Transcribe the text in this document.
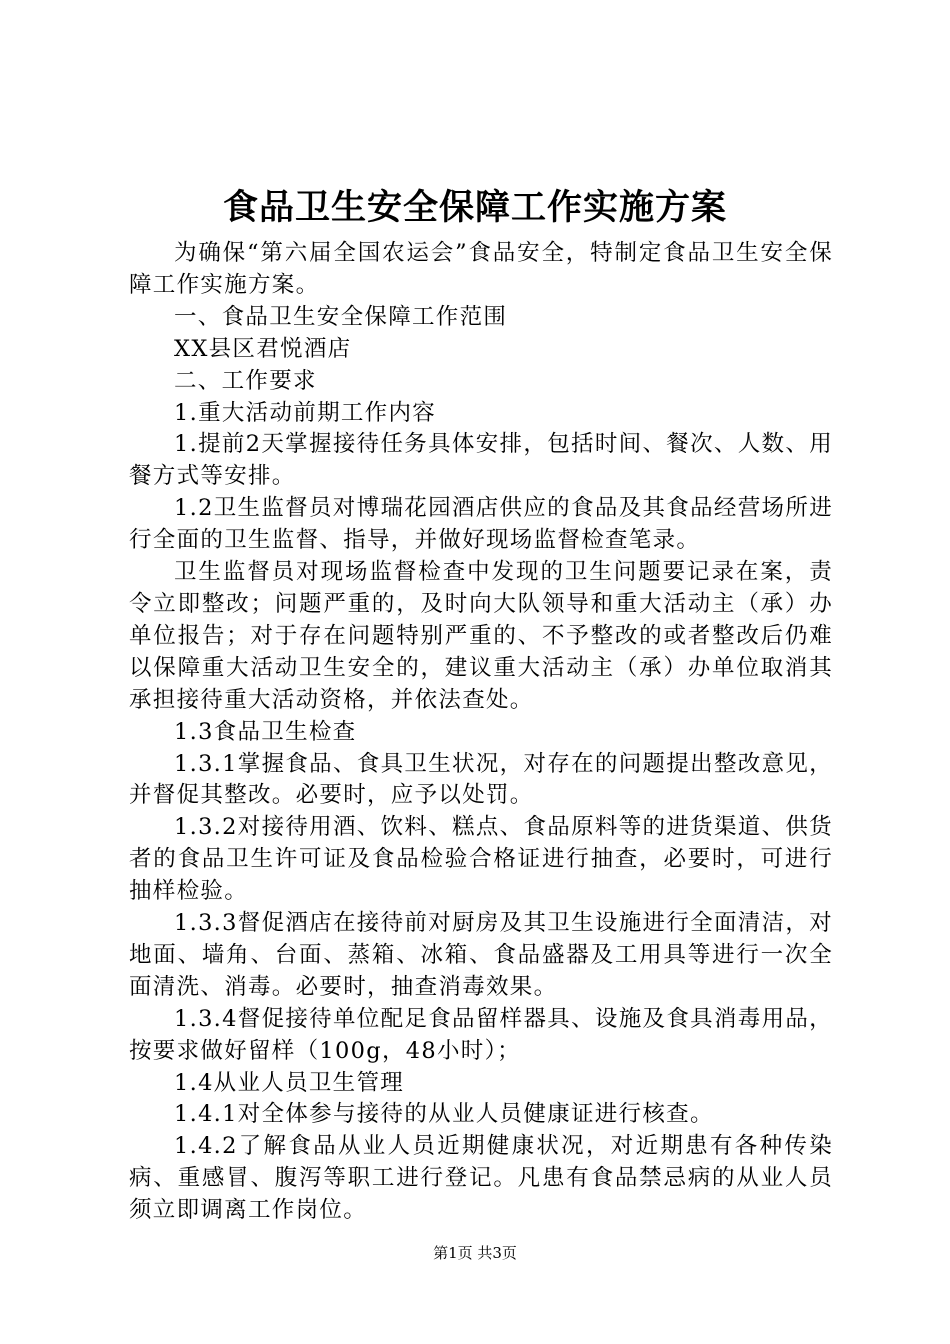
食品卫生安全保障工作实施方案

为确保“第六届全国农运会”食品安全，特制定食品卫生安全保障工作实施方案。

一、食品卫生安全保障工作范围

XX县区君悦酒店

二、工作要求

1.重大活动前期工作内容

1.提前2天掌握接待任务具体安排，包括时间、餐次、人数、用餐方式等安排。

1.2卫生监督员对博瑞花园酒店供应的食品及其食品经营场所进行全面的卫生监督、指导，并做好现场监督检查笔录。

卫生监督员对现场监督检查中发现的卫生问题要记录在案，责令立即整改；问题严重的，及时向大队领导和重大活动主（承）办单位报告；对于存在问题特别严重的、不予整改的或者整改后仍难以保障重大活动卫生安全的，建议重大活动主（承）办单位取消其承担接待重大活动资格，并依法查处。

1.3食品卫生检查

1.3.1掌握食品、食具卫生状况，对存在的问题提出整改意见，并督促其整改。必要时，应予以处罚。

1.3.2对接待用酒、饮料、糕点、食品原料等的进货渠道、供货者的食品卫生许可证及食品检验合格证进行抽查，必要时，可进行抽样检验。

1.3.3督促酒店在接待前对厨房及其卫生设施进行全面清洁，对地面、墙角、台面、蒸箱、冰箱、食品盛器及工用具等进行一次全面清洗、消毒。必要时，抽查消毒效果。

1.3.4督促接待单位配足食品留样器具、设施及食具消毒用品，按要求做好留样（100g，48小时）；

1.4从业人员卫生管理

1.4.1对全体参与接待的从业人员健康证进行核查。

1.4.2了解食品从业人员近期健康状况，对近期患有各种传染病、重感冒、腹泻等职工进行登记。凡患有食品禁忌病的从业人员须立即调离工作岗位。

第1页 共3页
